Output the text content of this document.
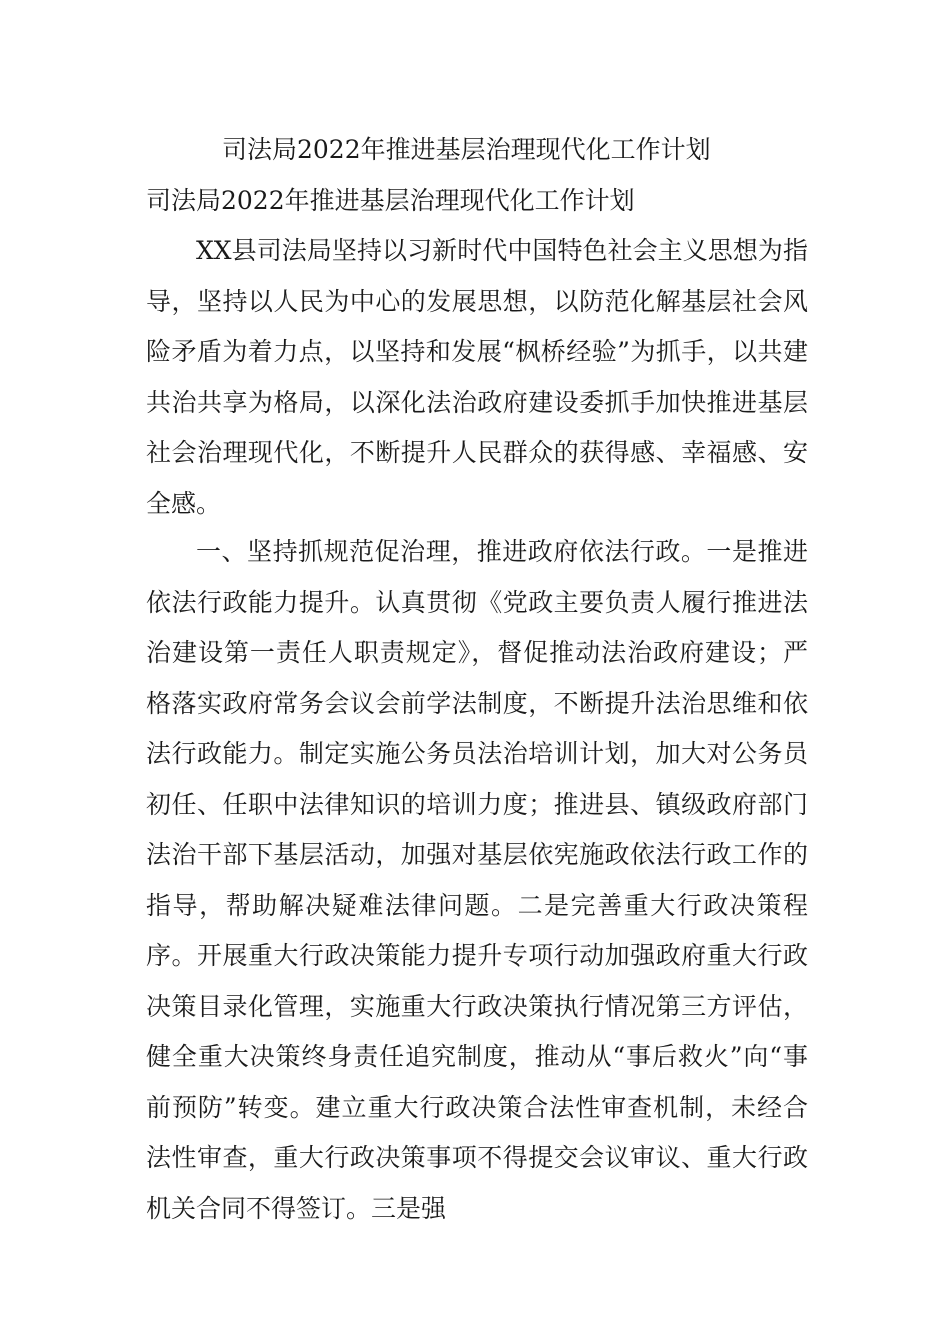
司法局2022年推进基层治理现代化工作计划
司法局2022年推进基层治理现代化工作计划

XX县司法局坚持以习新时代中国特色社会主义思想为指导，坚持以人民为中心的发展思想，以防范化解基层社会风险矛盾为着力点，以坚持和发展“枫桥经验”为抓手，以共建共治共享为格局，以深化法治政府建设委抓手加快推进基层社会治理现代化，不断提升人民群众的获得感、幸福感、安全感。

一、坚持抓规范促治理，推进政府依法行政。一是推进依法行政能力提升。认真贯彻《党政主要负责人履行推进法治建设第一责任人职责规定》，督促推动法治政府建设；严格落实政府常务会议会前学法制度，不断提升法治思维和依法行政能力。制定实施公务员法治培训计划，加大对公务员初任、任职中法律知识的培训力度；推进县、镇级政府部门法治干部下基层活动，加强对基层依宪施政依法行政工作的指导，帮助解决疑难法律问题。二是完善重大行政决策程序。开展重大行政决策能力提升专项行动加强政府重大行政决策目录化管理，实施重大行政决策执行情况第三方评估，健全重大决策终身责任追究制度，推动从“事后救火”向“事前预防”转变。建立重大行政决策合法性审查机制，未经合法性审查，重大行政决策事项不得提交会议审议、重大行政机关合同不得签订。三是强
